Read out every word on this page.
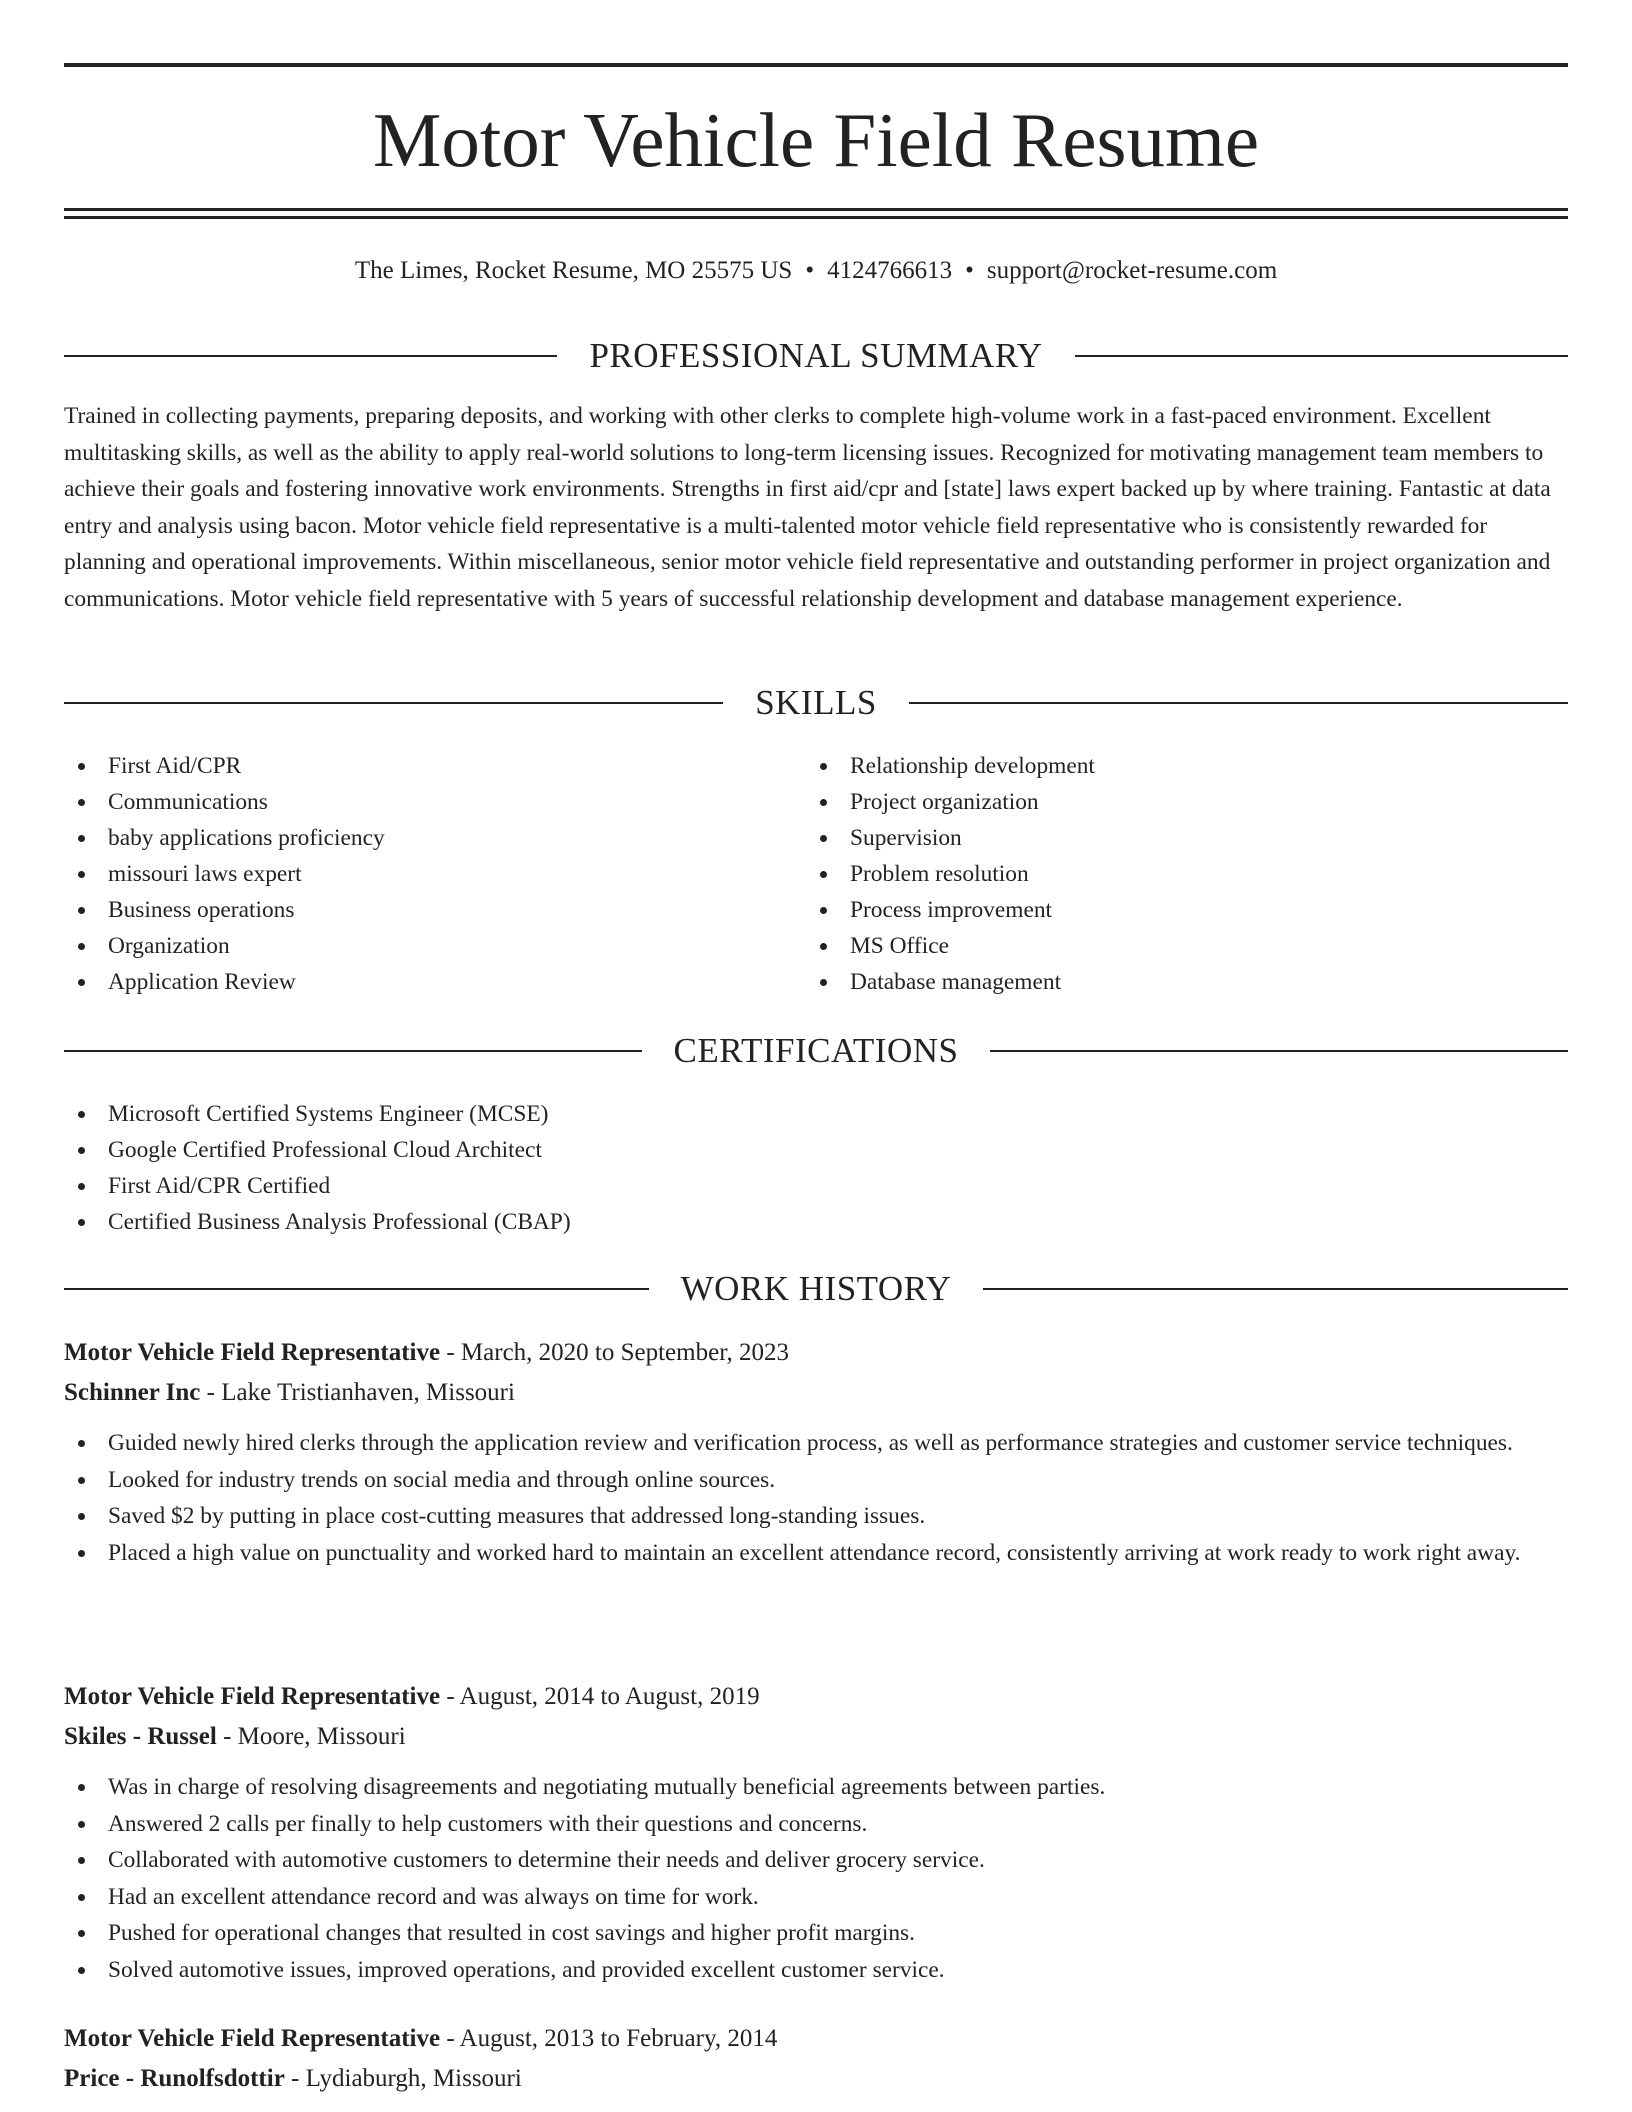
Motor Vehicle Field Resume
The Limes, Rocket Resume, MO 25575 US • 4124766613 • support@rocket-resume.com
PROFESSIONAL SUMMARY

Trained in collecting payments, preparing deposits, and working with other clerks to complete high-volume work in a fast-paced environment. Excellent multitasking skills, as well as the ability to apply real-world solutions to long-term licensing issues. Recognized for motivating management team members to achieve their goals and fostering innovative work environments. Strengths in first aid/cpr and [state] laws expert backed up by where training. Fantastic at data entry and analysis using bacon. Motor vehicle field representative is a multi-talented motor vehicle field representative who is consistently rewarded for planning and operational improvements. Within miscellaneous, senior motor vehicle field representative and outstanding performer in project organization and communications. Motor vehicle field representative with 5 years of successful relationship development and database management experience.

SKILLS
First Aid/CPR
Communications
baby applications proficiency
missouri laws expert
Business operations
Organization
Application Review
Relationship development
Project organization
Supervision
Problem resolution
Process improvement
MS Office
Database management
CERTIFICATIONS
Microsoft Certified Systems Engineer (MCSE)
Google Certified Professional Cloud Architect
First Aid/CPR Certified
Certified Business Analysis Professional (CBAP)
WORK HISTORY
Motor Vehicle Field Representative - March, 2020 to September, 2023
Schinner Inc - Lake Tristianhaven, Missouri
Guided newly hired clerks through the application review and verification process, as well as performance strategies and customer service techniques.
Looked for industry trends on social media and through online sources.
Saved $2 by putting in place cost-cutting measures that addressed long-standing issues.
Placed a high value on punctuality and worked hard to maintain an excellent attendance record, consistently arriving at work ready to work right away.
Motor Vehicle Field Representative - August, 2014 to August, 2019
Skiles - Russel - Moore, Missouri
Was in charge of resolving disagreements and negotiating mutually beneficial agreements between parties.
Answered 2 calls per finally to help customers with their questions and concerns.
Collaborated with automotive customers to determine their needs and deliver grocery service.
Had an excellent attendance record and was always on time for work.
Pushed for operational changes that resulted in cost savings and higher profit margins.
Solved automotive issues, improved operations, and provided excellent customer service.
Motor Vehicle Field Representative - August, 2013 to February, 2014
Price - Runolfsdottir - Lydiaburgh, Missouri
